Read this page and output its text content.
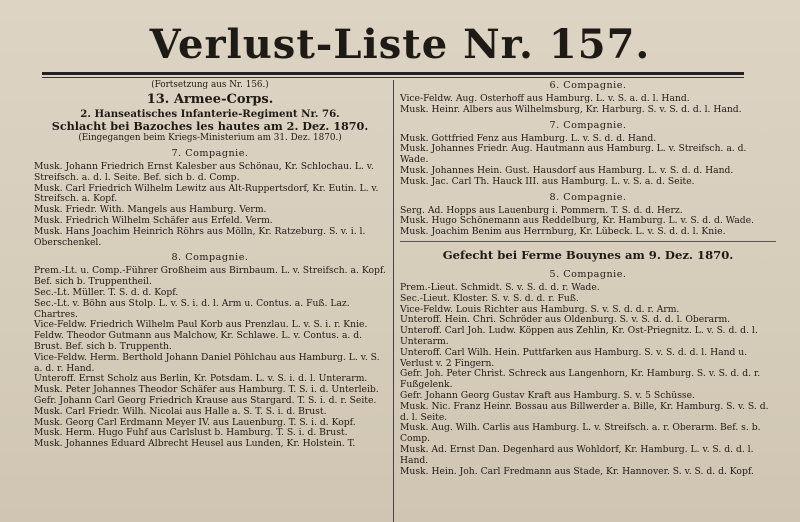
Verlust-Liste Nr. 157.
(Fortsetzung aus Nr. 156.)
13. Armee-Corps.
2. Hanseatisches Infanterie-Regiment Nr. 76.
Schlacht bei Bazoches les hautes am 2. Dez. 1870.
(Eingegangen beim Kriegs-Ministerium am 31. Dez. 1870.)
7. Compagnie.
Musk. Johann Friedrich Ernst Kalesber aus Schönau, Kr. Schlochau. L. v. Streifsch. a. d. l. Seite. Bef. sich b. d. Comp.
Musk. Carl Friedrich Wilhelm Lewitz aus Alt-Ruppertsdorf, Kr. Eutin. L. v. Streifsch. a. Kopf.
Musk. Friedr. With. Mangels aus Hamburg. Verm.
Musk. Friedrich Wilhelm Schäfer aus Erfeld. Verm.
Musk. Hans Joachim Heinrich Röhrs aus Mölln, Kr. Ratzeburg. S. v. i. l. Oberschenkel.
8. Compagnie.
Prem.-Lt. u. Comp.-Führer Großheim aus Birnbaum. L. v. Streifsch. a. Kopf. Bef. sich b. Truppentheil.
Sec.-Lt. Müller. T. S. d. d. Kopf.
Sec.-Lt. v. Böhn aus Stolp. L. v. S. i. d. l. Arm u. Contus. a. Fuß. Laz. Chartres.
Vice-Feldw. Friedrich Wilhelm Paul Korb aus Prenzlau. L. v. S. i. r. Knie.
Feldw. Theodor Gutmann aus Malchow, Kr. Schlawe. L. v. Contus. a. d. Brust. Bef. sich b. Truppenth.
Vice-Feldw. Herm. Berthold Johann Daniel Pöhlchau aus Hamburg. L. v. S. a. d. r. Hand.
Unteroff. Ernst Scholz aus Berlin, Kr. Potsdam. L. v. S. i. d. l. Unterarm.
Musk. Peter Johannes Theodor Schäfer aus Hamburg. T. S. i. d. Unterleib.
Gefr. Johann Carl Georg Friedrich Krause aus Stargard. T. S. i. d. r. Seite.
Musk. Carl Friedr. Wilh. Nicolai aus Halle a. S. T. S. i. d. Brust.
Musk. Georg Carl Erdmann Meyer IV. aus Lauenburg. T. S. i. d. Kopf.
Musk. Herm. Hugo Fuhf aus Carlslust b. Hamburg. T. S. i. d. Brust.
Musk. Johannes Eduard Albrecht Heusel aus Lunden, Kr. Holstein. T.
6. Compagnie.
Vice-Feldw. Aug. Osterhoff aus Hamburg. L. v. S. a. d. l. Hand.
Musk. Heinr. Albers aus Wilhelmsburg, Kr. Harburg. S. v. S. d. d. l. Hand.
7. Compagnie.
Musk. Gottfried Fenz aus Hamburg. L. v. S. d. d. Hand.
Musk. Johannes Friedr. Aug. Hautmann aus Hamburg. L. v. Streifsch. a. d. Wade.
Musk. Johannes Hein. Gust. Hausdorf aus Hamburg. L. v. S. d. d. Hand.
Musk. Jac. Carl Th. Hauck III. aus Hamburg. L. v. S. a. d. Seite.
8. Compagnie.
Serg. Ad. Hopps aus Lauenburg i. Pommern. T. S. d. d. Herz.
Musk. Hugo Schönemann aus Reddelburg, Kr. Hamburg. L. v. S. d. d. Wade.
Musk. Joachim Benim aus Herrnburg, Kr. Lübeck. L. v. S. d. d. l. Knie.
Gefecht bei Ferme Bouynes am 9. Dez. 1870.
5. Compagnie.
Prem.-Lieut. Schmidt. S. v. S. d. d. r. Wade.
Sec.-Lieut. Kloster. S. v. S. d. d. r. Fuß.
Vice-Feldw. Louis Richter aus Hamburg. S. v. S. d. d. r. Arm.
Unteroff. Hein. Chri. Schröder aus Oldenburg. S. v. S. d. d. l. Oberarm.
Unteroff. Carl Joh. Ludw. Köppen aus Zehlin, Kr. Ost-Priegnitz. L. v. S. d. d. l. Unterarm.
Unteroff. Carl Wilh. Hein. Puttfarken aus Hamburg. S. v. S. d. d. l. Hand u. Verlust v. 2 Fingern.
Gefr. Joh. Peter Christ. Schreck aus Langenhorn, Kr. Hamburg. S. v. S. d. d. r. Fußgelenk.
Gefr. Johann Georg Gustav Kraft aus Hamburg. S. v. 5 Schüsse.
Musk. Nic. Franz Heinr. Bossau aus Billwerder a. Bille, Kr. Hamburg. S. v. S. d. d. l. Seite.
Musk. Aug. Wilh. Carlis aus Hamburg. L. v. Streifsch. a. r. Oberarm. Bef. s. b. Comp.
Musk. Ad. Ernst Dan. Degenhard aus Wohldorf, Kr. Hamburg. L. v. S. d. d. l. Hand.
Musk. Hein. Joh. Carl Fredmann aus Stade, Kr. Hannover. S. v. S. d. d. Kopf.
